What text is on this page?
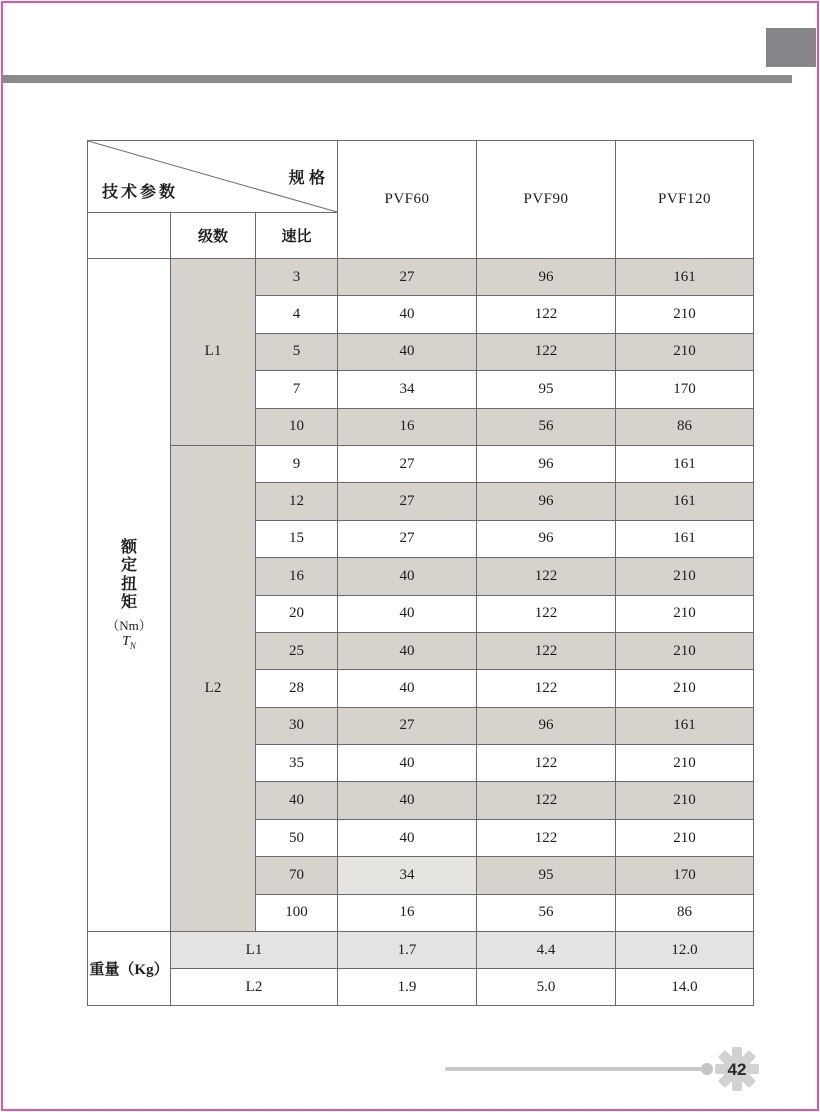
规 格
技术参数			PVF60	PVF90	PVF120
	级数	速比			

额
定
扭
矩
（Nm）
$T_N$
	L1	3	27	96	161
		4	40	122	210
		5	40	122	210
		7	34	95	170
		10	16	56	86
	L2	9	27	96	161
		12	27	96	161
		15	27	96	161
		16	40	122	210
		20	40	122	210
		25	40	122	210
		28	40	122	210
		30	27	96	161
		35	40	122	210
		40	40	122	210
		50	40	122	210
		70	34	95	170
		100	16	56	86
重量（Kg）	L1		1.7	4.4	12.0
	L2		1.9	5.0	14.0
42
